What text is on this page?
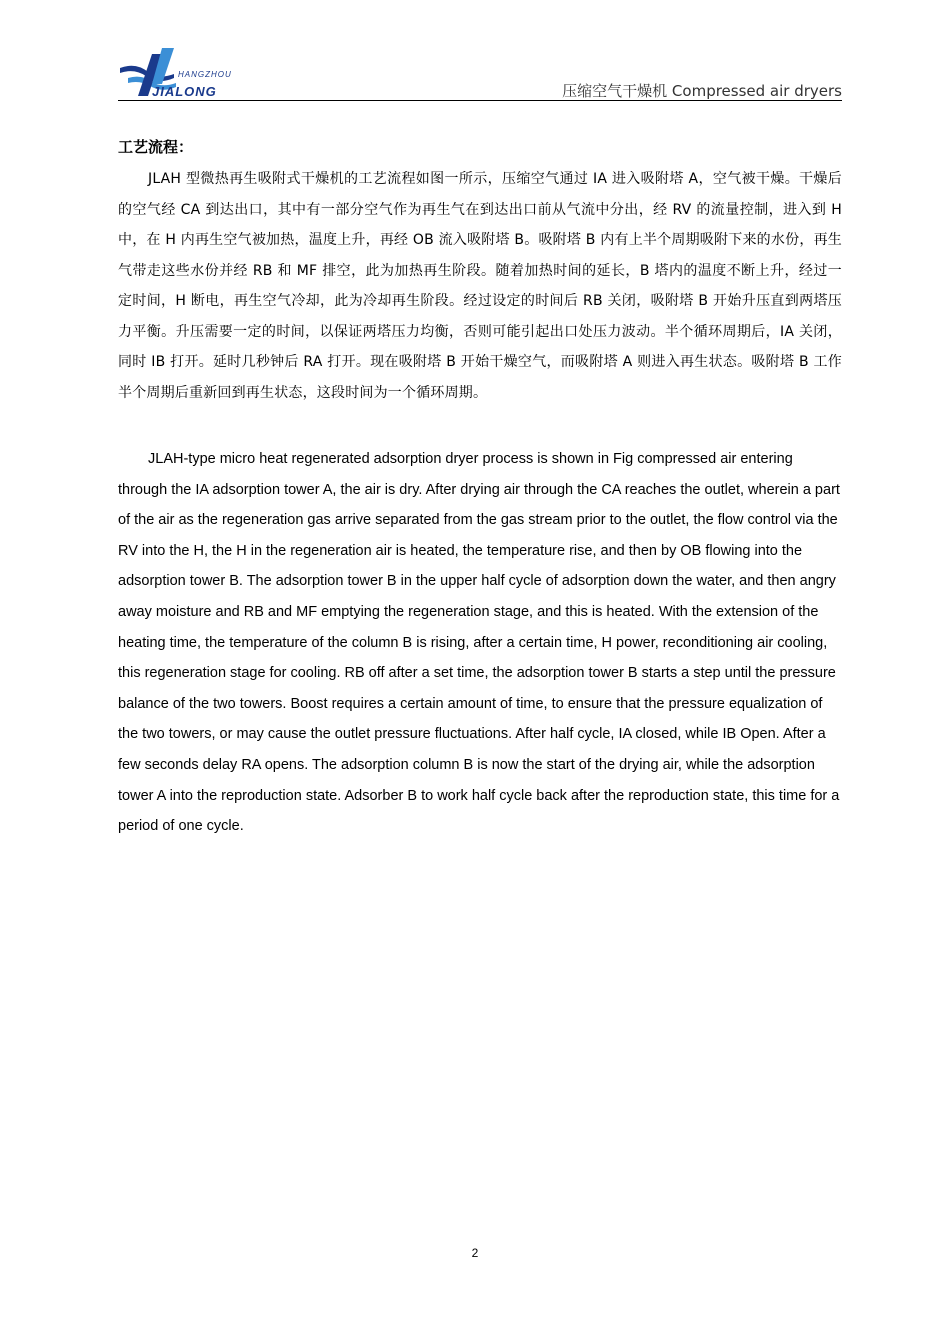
HANGZHOU
JIALONG	压缩空气干燥机 Compressed air dryers
工艺流程：

JLAH 型微热再生吸附式干燥机的工艺流程如图一所示，压缩空气通过 IA 进入吸附塔 A，空气被干燥。干燥后的空气经 CA 到达出口，其中有一部分空气作为再生气在到达出口前从气流中分出，经 RV 的流量控制，进入到 H 中，在 H 内再生空气被加热，温度上升，再经 OB 流入吸附塔 B。吸附塔 B 内有上半个周期吸附下来的水份，再生气带走这些水份并经 RB 和 MF 排空，此为加热再生阶段。随着加热时间的延长，B 塔内的温度不断上升，经过一定时间，H 断电，再生空气冷却，此为冷却再生阶段。经过设定的时间后 RB 关闭，吸附塔 B 开始升压直到两塔压力平衡。升压需要一定的时间，以保证两塔压力均衡，否则可能引起出口处压力波动。半个循环周期后，IA 关闭，同时 IB 打开。延时几秒钟后 RA 打开。现在吸附塔 B 开始干燥空气，而吸附塔 A 则进入再生状态。吸附塔 B 工作半个周期后重新回到再生状态，这段时间为一个循环周期。

JLAH-type micro heat regenerated adsorption dryer process is shown in Fig compressed air entering through the IA adsorption tower A, the air is dry. After drying air through the CA reaches the outlet, wherein a part of the air as the regeneration gas arrive separated from the gas stream prior to the outlet, the flow control via the RV into the H, the H in the regeneration air is heated, the temperature rise, and then by OB flowing into the adsorption tower B. The adsorption tower B in the upper half cycle of adsorption down the water, and then angry away moisture and RB and MF emptying the regeneration stage, and this is heated. With the extension of the heating time, the temperature of the column B is rising, after a certain time, H power, reconditioning air cooling, this regeneration stage for cooling. RB off after a set time, the adsorption tower B starts a step until the pressure balance of the two towers. Boost requires a certain amount of time, to ensure that the pressure equalization of the two towers, or may cause the outlet pressure fluctuations. After half cycle, IA closed, while IB Open. After a few seconds delay RA opens. The adsorption column B is now the start of the drying air, while the adsorption tower A into the reproduction state. Adsorber B to work half cycle back after the reproduction state, this time for a period of one cycle.

2
